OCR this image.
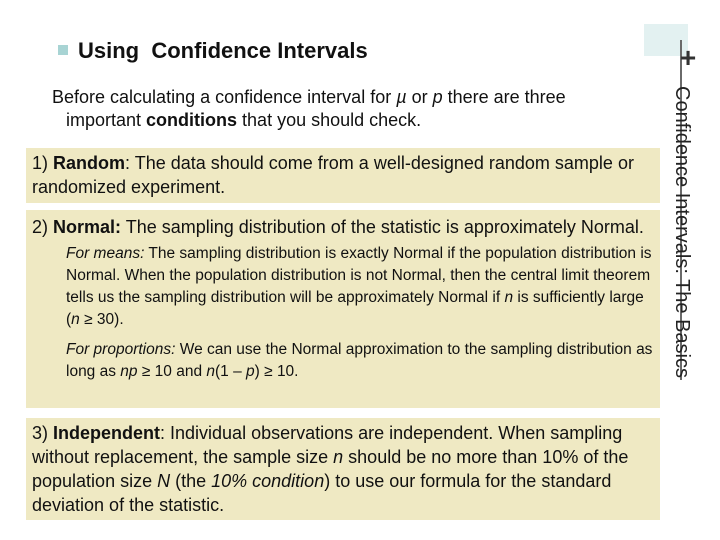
+
Confidence Intervals: The Basics
Using Confidence Intervals
Before calculating a confidence interval for µ or p there are three
important conditions that you should check.
1) Random: The data should come from a well-designed random sample or randomized experiment.
2) Normal: The sampling distribution of the statistic is approximately Normal.
For means: The sampling distribution is exactly Normal if the population distribution is Normal. When the population distribution is not Normal, then the central limit theorem tells us the sampling distribution will be approximately Normal if n is sufficiently large (n ≥ 30).
For proportions: We can use the Normal approximation to the sampling distribution as long as np ≥ 10 and n(1 – p) ≥ 10.
3) Independent: Individual observations are independent. When sampling without replacement, the sample size n should be no more than 10% of the population size N (the 10% condition) to use our formula for the standard deviation of the statistic.
